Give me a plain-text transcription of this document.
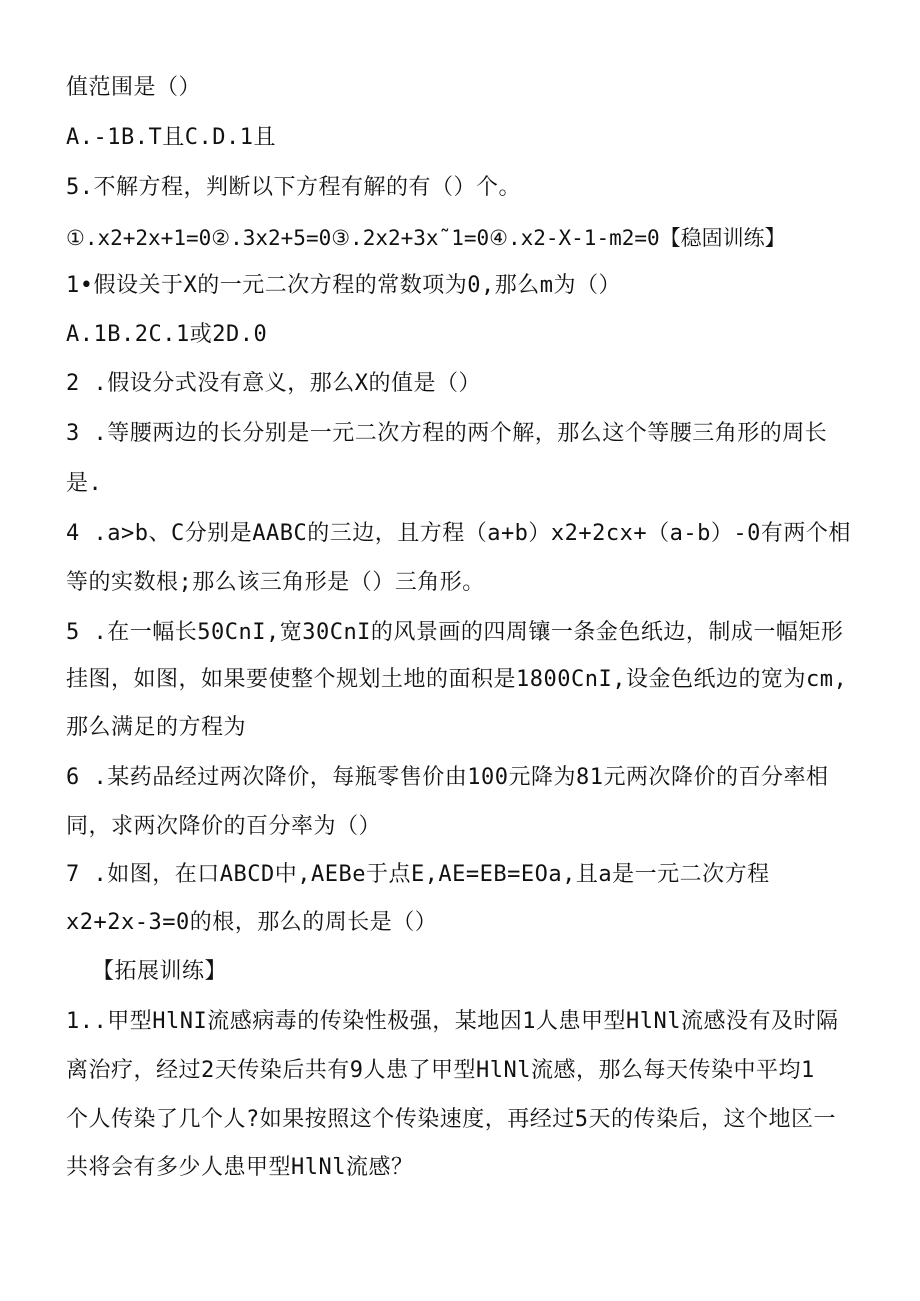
值范围是（）
A.-1B.T且C.D.1且
5.不解方程，判断以下方程有解的有（）个。
①.x2+2x+1=0②.3x2+5=0③.2x2+3x˜1=0④.x2-X-1-m2=0【稳固训练】
1•假设关于X的一元二次方程的常数项为0,那么m为（）
A.1B.2C.1或2D.0
2 .假设分式没有意义，那么X的值是（）
3 .等腰两边的长分别是一元二次方程的两个解，那么这个等腰三角形的周长
是.
4 .a>b、C分别是AABC的三边，且方程（a+b）x2+2cx+（a-b）-0有两个相
等的实数根;那么该三角形是（）三角形。
5 .在一幅长50CnI,宽30CnI的风景画的四周镶一条金色纸边，制成一幅矩形
挂图，如图，如果要使整个规划土地的面积是1800CnI,设金色纸边的宽为cm,
那么满足的方程为
6 .某药品经过两次降价，每瓶零售价由100元降为81元两次降价的百分率相
同，求两次降价的百分率为（）
7 .如图，在口ABCD中,AEBe于点E,AE=EB=EOa,且a是一元二次方程
x2+2x-3=0的根，那么的周长是（）
【拓展训练】
1..甲型HlNI流感病毒的传染性极强，某地因1人患甲型HlNl流感没有及时隔
离治疗，经过2天传染后共有9人患了甲型HlNl流感，那么每天传染中平均1
个人传染了几个人?如果按照这个传染速度，再经过5天的传染后，这个地区一
共将会有多少人患甲型HlNl流感？
